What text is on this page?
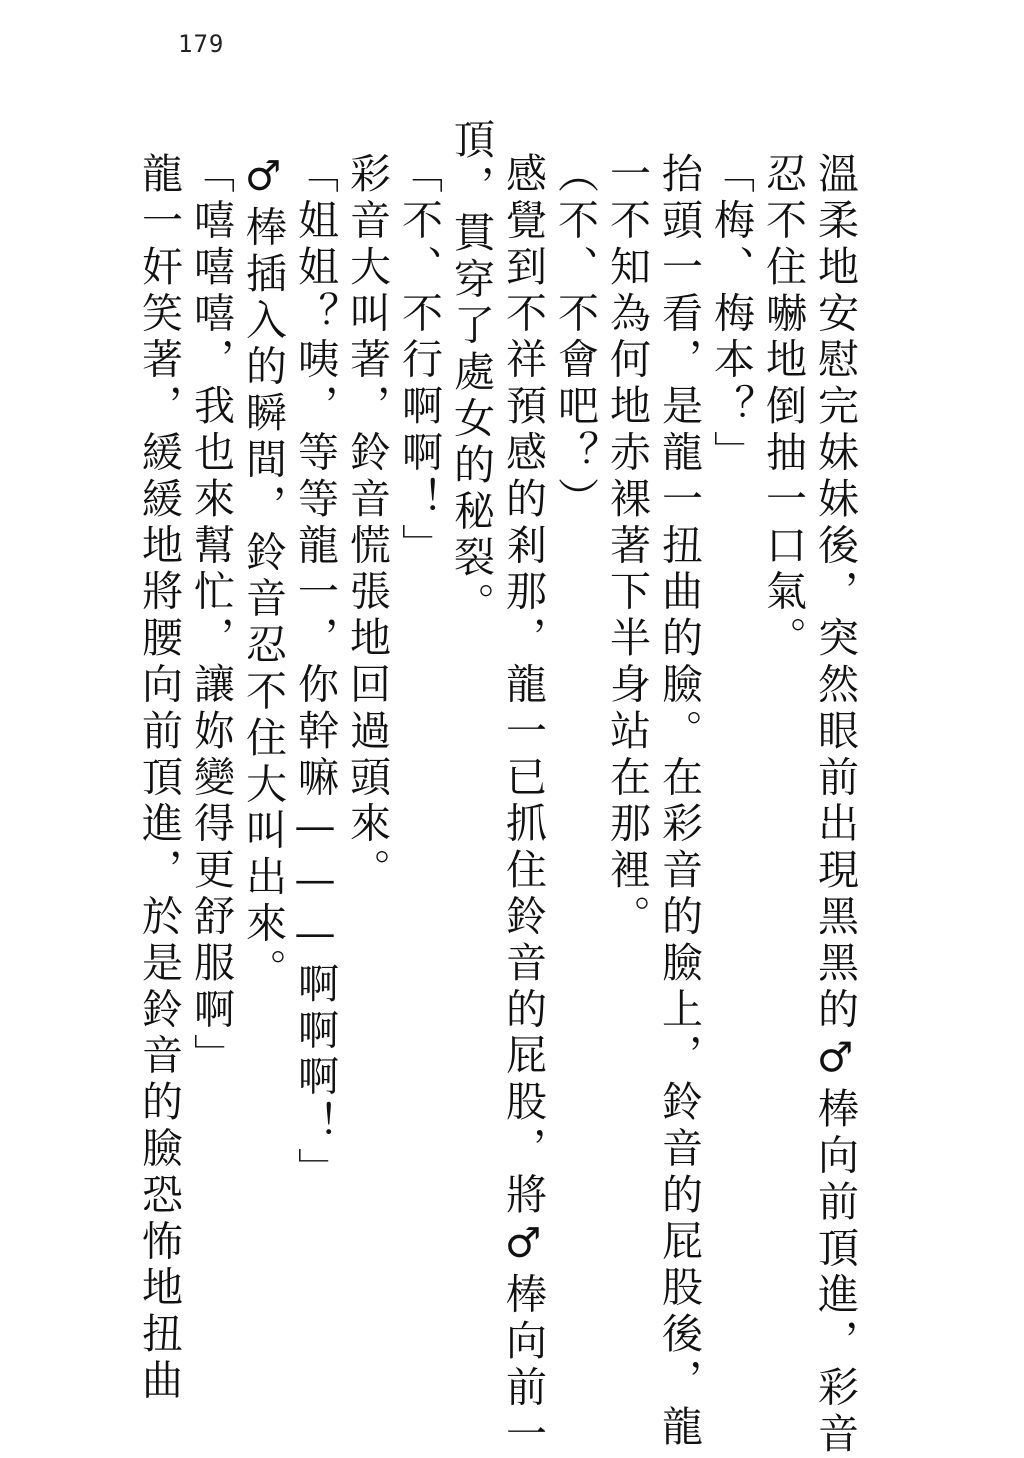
179
溫柔地安慰完妹妹後，突然眼前出現黑黑的♂棒向前頂進，彩音
忍不住嚇地倒抽一口氣。
「梅、梅本？」
抬頭一看，是龍一扭曲的臉。在彩音的臉上，鈴音的屁股後，龍
一不知為何地赤裸著下半身站在那裡。
（不、不會吧？）
感覺到不祥預感的剎那，龍一已抓住鈴音的屁股，將♂棒向前一
頂，貫穿了處女的秘裂。
「不、不行啊啊！」
彩音大叫著，鈴音慌張地回過頭來。
「姐姐？咦，等等龍一，你幹嘛———啊啊啊！」
♂棒插入的瞬間，鈴音忍不住大叫出來。
「嘻嘻嘻，我也來幫忙，讓妳變得更舒服啊」
龍一奸笑著，緩緩地將腰向前頂進，於是鈴音的臉恐怖地扭曲
